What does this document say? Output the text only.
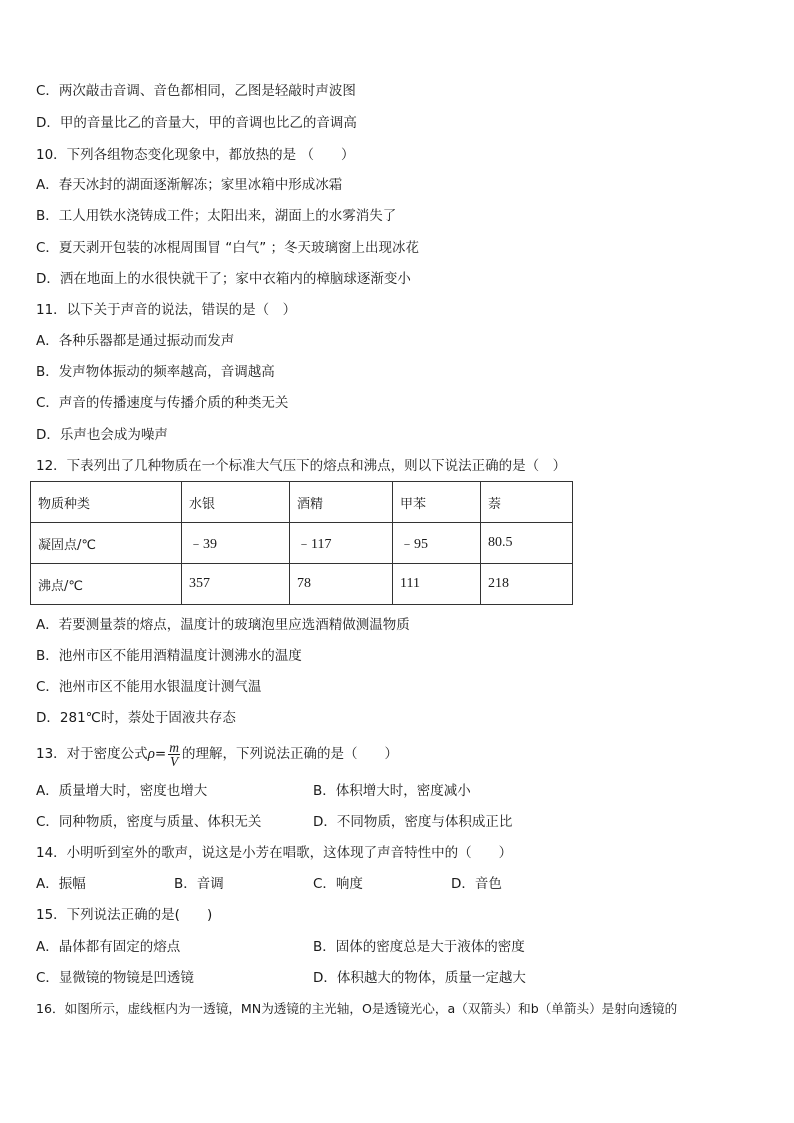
C．两次敲击音调、音色都相同，乙图是轻敲时声波图
D．甲的音量比乙的音量大，甲的音调也比乙的音调高
10．下列各组物态变化现象中，都放热的是 （　　）
A．春天冰封的湖面逐渐解冻；家里冰箱中形成冰霜
B．工人用铁水浇铸成工件；太阳出来，湖面上的水雾消失了
C．夏天剥开包装的冰棍周围冒 “白气” ；冬天玻璃窗上出现冰花
D．洒在地面上的水很快就干了；家中衣箱内的樟脑球逐渐变小
11．以下关于声音的说法，错误的是（　）
A．各种乐器都是通过振动而发声
B．发声物体振动的频率越高，音调越高
C．声音的传播速度与传播介质的种类无关
D．乐声也会成为噪声
12．下表列出了几种物质在一个标准大气压下的熔点和沸点，则以下说法正确的是（　）
物质种类	水银	酒精	甲苯	萘
凝固点/℃	﹣39	﹣117	﹣95	80.5
沸点/℃	357	78	111	218
A．若要测量萘的熔点，温度计的玻璃泡里应选酒精做测温物质
B．池州市区不能用酒精温度计测沸水的温度
C．池州市区不能用水银温度计测气温
D．281℃时，萘处于固液共存态
13．对于密度公式$\rho= \frac{m}{V}$ 的理解，下列说法正确的是（　　）
A．质量增大时，密度也增大	B．体积增大时，密度减小
C．同种物质，密度与质量、体积无关	D．不同物质，密度与体积成正比
14．小明听到室外的歌声，说这是小芳在唱歌，这体现了声音特性中的（　　）
A．振幅	B．音调	C．响度	D．音色
15．下列说法正确的是(　　)
A．晶体都有固定的熔点	B．固体的密度总是大于液体的密度
C．显微镜的物镜是凹透镜	D．体积越大的物体，质量一定越大
16．如图所示，虚线框内为一透镜，MN为透镜的主光轴，O是透镜光心，a（双箭头）和b（单箭头）是射向透镜的
